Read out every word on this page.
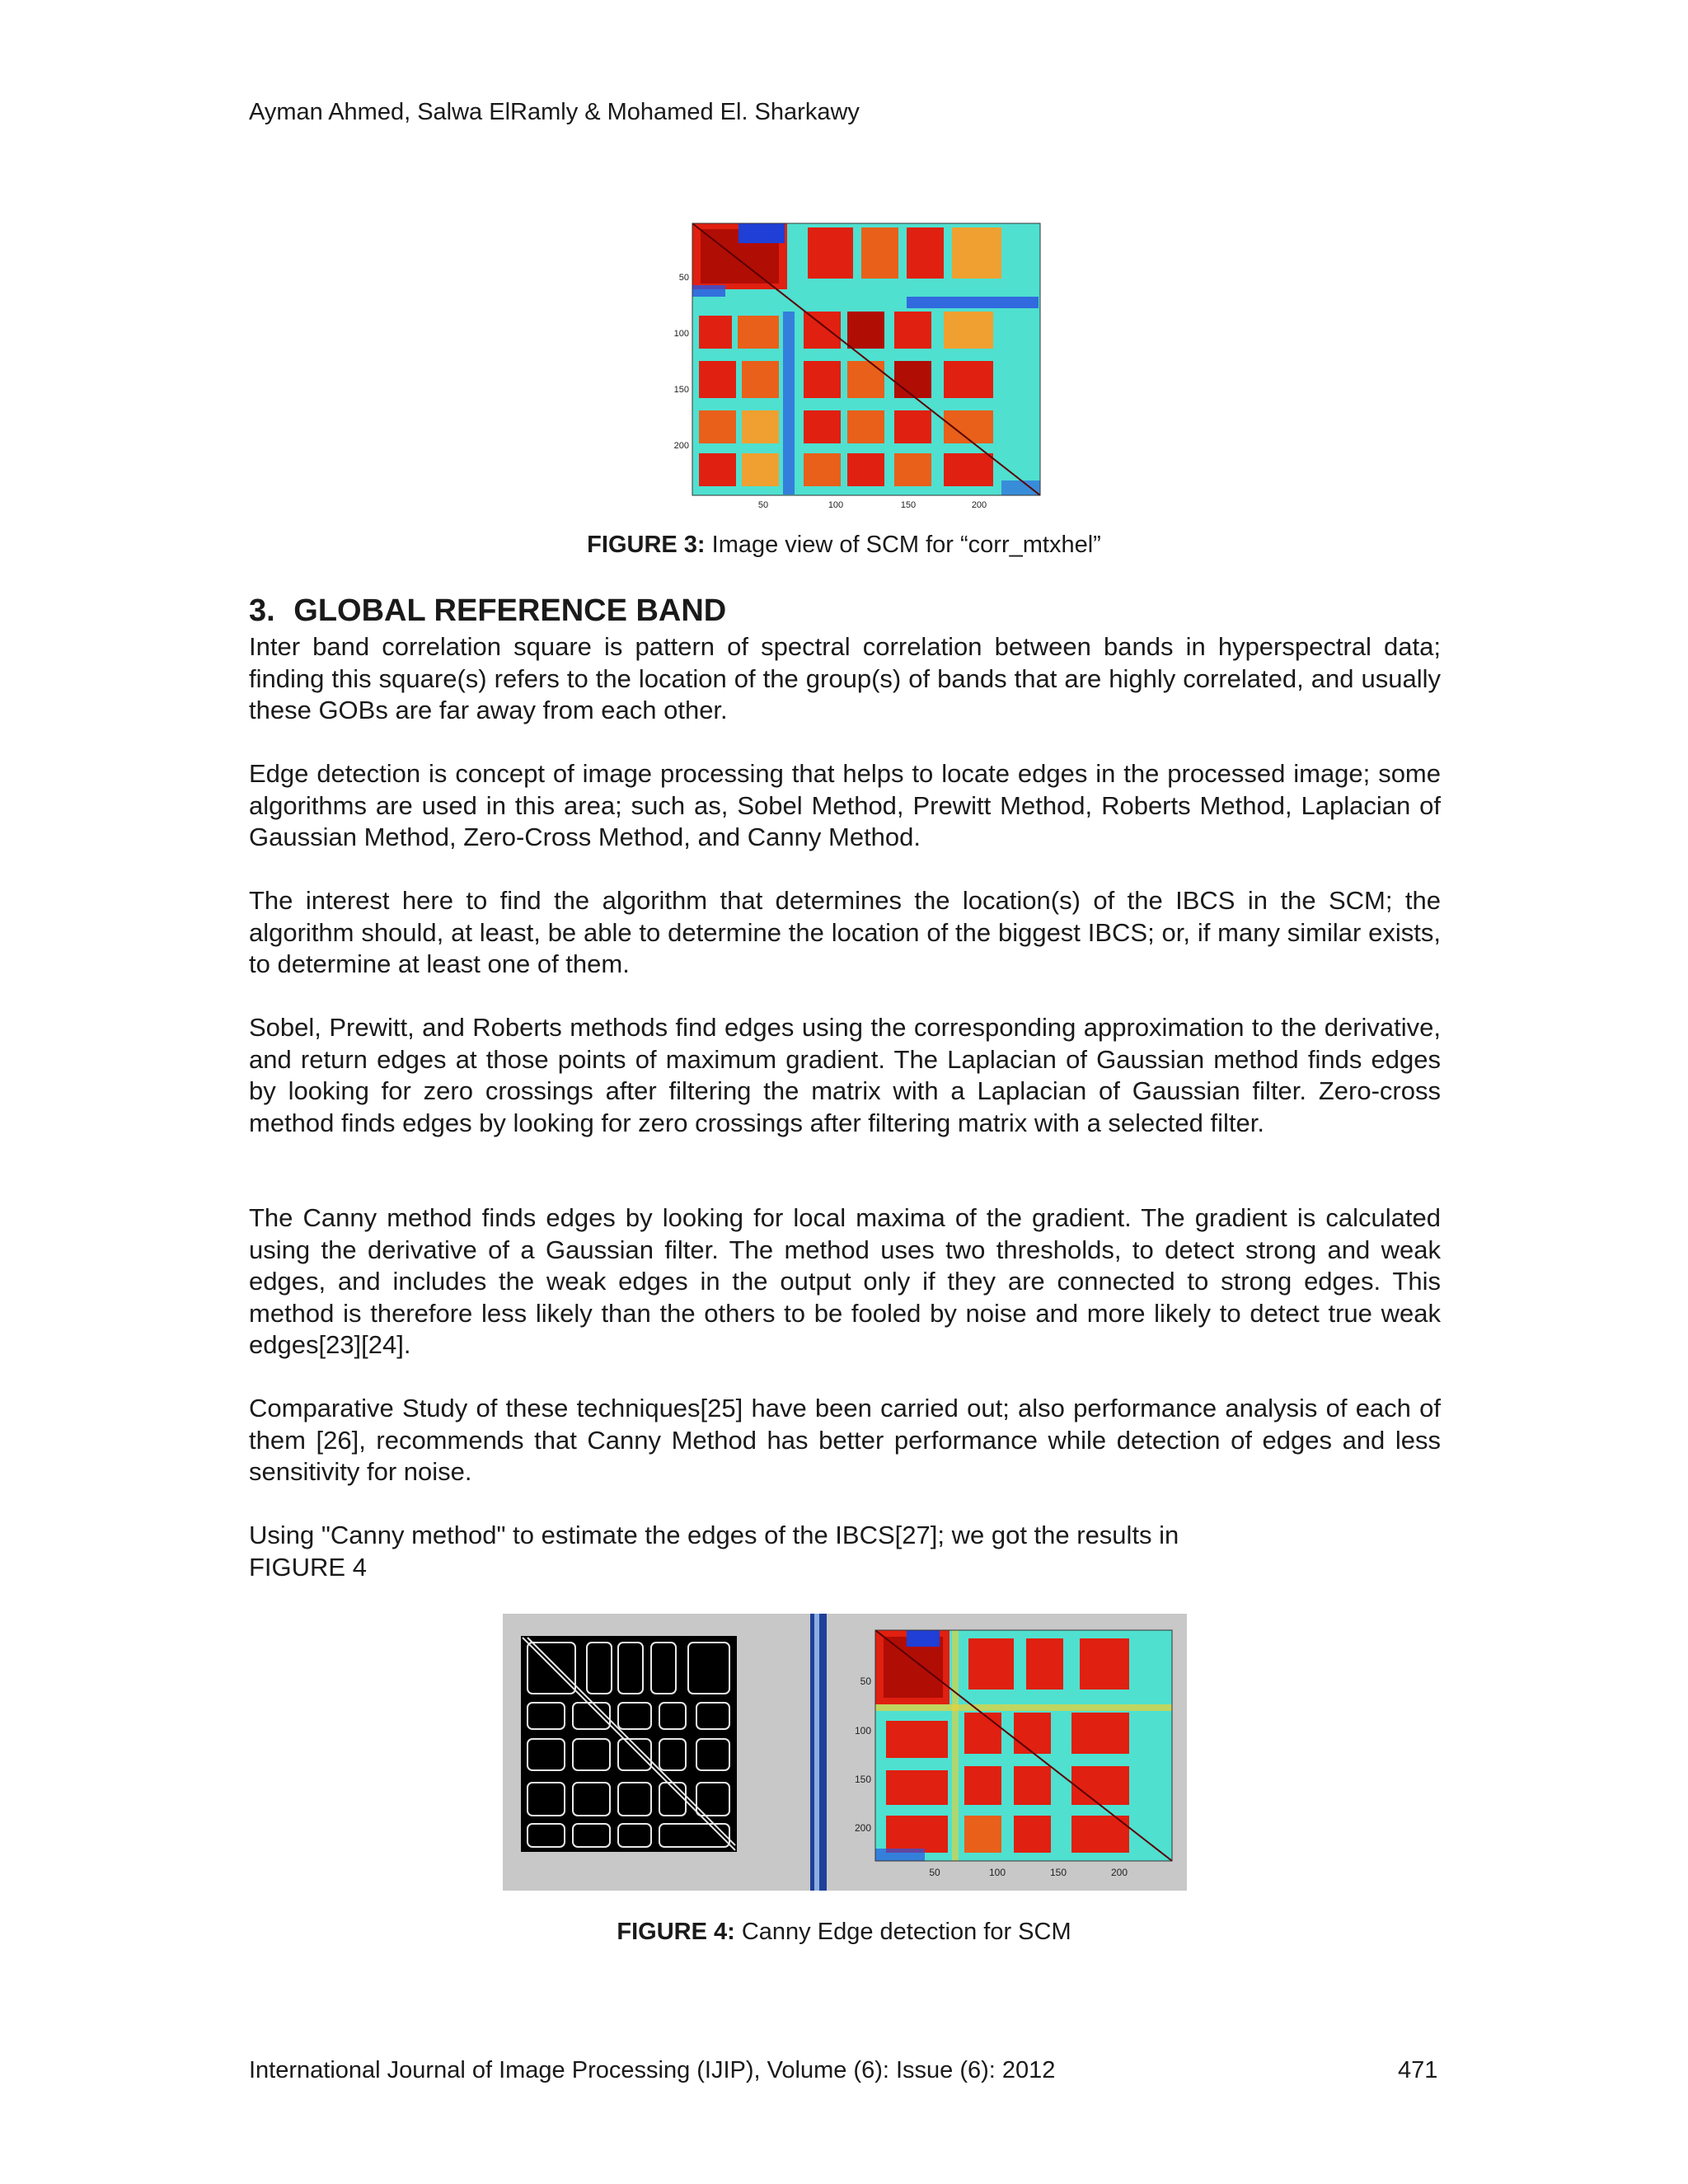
Ayman Ahmed, Salwa ElRamly & Mohamed El. Sharkawy
50
100
150
200
50	100	150	200
FIGURE 3: Image view of SCM for “corr_mtxhel”
3. GLOBAL REFERENCE BAND

Inter band correlation square is pattern of spectral correlation between bands in hyperspectral data; finding this square(s) refers to the location of the group(s) of bands that are highly correlated, and usually these GOBs are far away from each other.

Edge detection is concept of image processing that helps to locate edges in the processed image; some algorithms are used in this area; such as, Sobel Method, Prewitt Method, Roberts Method, Laplacian of Gaussian Method, Zero-Cross Method, and Canny Method.

The interest here to find the algorithm that determines the location(s) of the IBCS in the SCM; the algorithm should, at least, be able to determine the location of the biggest IBCS; or, if many similar exists, to determine at least one of them.

Sobel, Prewitt, and Roberts methods find edges using the corresponding approximation to the derivative, and return edges at those points of maximum gradient. The Laplacian of Gaussian method finds edges by looking for zero crossings after filtering the matrix with a Laplacian of Gaussian filter. Zero-cross method finds edges by looking for zero crossings after filtering matrix with a selected filter.

The Canny method finds edges by looking for local maxima of the gradient. The gradient is calculated using the derivative of a Gaussian filter. The method uses two thresholds, to detect strong and weak edges, and includes the weak edges in the output only if they are connected to strong edges. This method is therefore less likely than the others to be fooled by noise and more likely to detect true weak edges[23][24].

Comparative Study of these techniques[25] have been carried out; also performance analysis of each of them [26], recommends that Canny Method has better performance while detection of edges and less sensitivity for noise.

Using "Canny method" to estimate the edges of the IBCS[27]; we got the results in

FIGURE 4

50
100
150
200
50	100	150	200
FIGURE 4: Canny Edge detection for SCM
International Journal of Image Processing (IJIP), Volume (6): Issue (6): 2012	471
